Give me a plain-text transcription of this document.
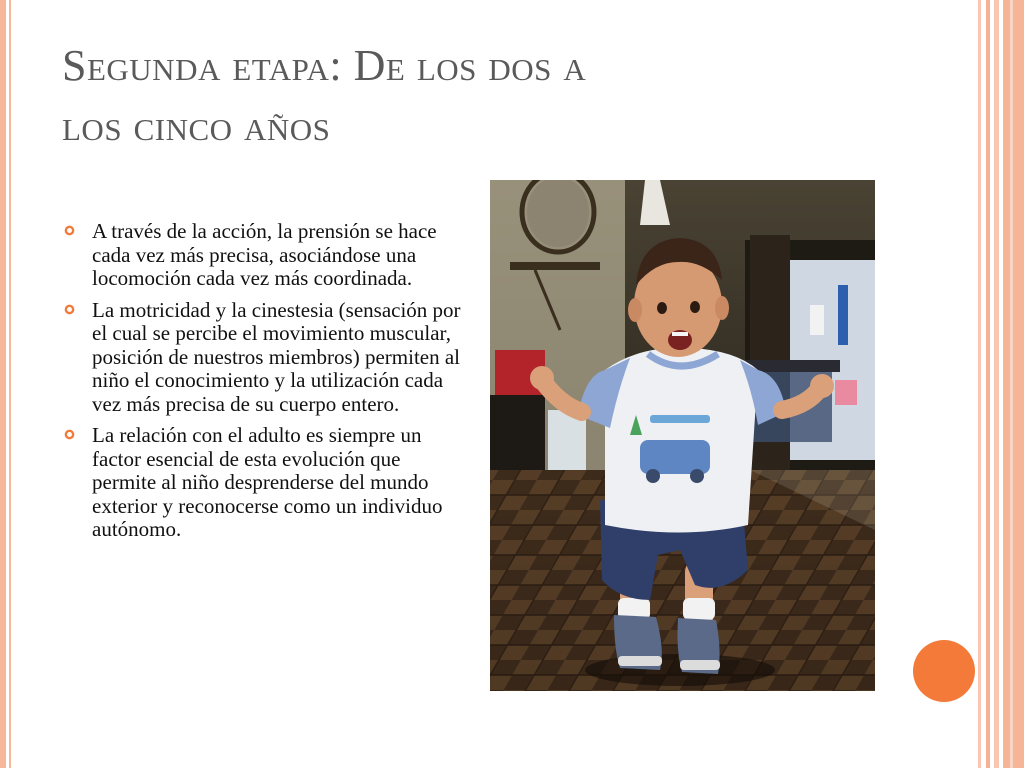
Segunda etapa: De los dos a
los cinco años
A través de la acción, la prensión se hace cada vez más precisa, asociándose una locomoción cada vez más coordinada.
La motricidad y la cinestesia (sensación por el cual se percibe el movimiento muscular, posición de nuestros miembros) permiten al niño el conocimiento y la utilización cada vez más precisa de su cuerpo entero.
La relación con el adulto es siempre un factor esencial de esta evolución que permite al niño desprenderse del mundo exterior y reconocerse como un individuo autónomo.
